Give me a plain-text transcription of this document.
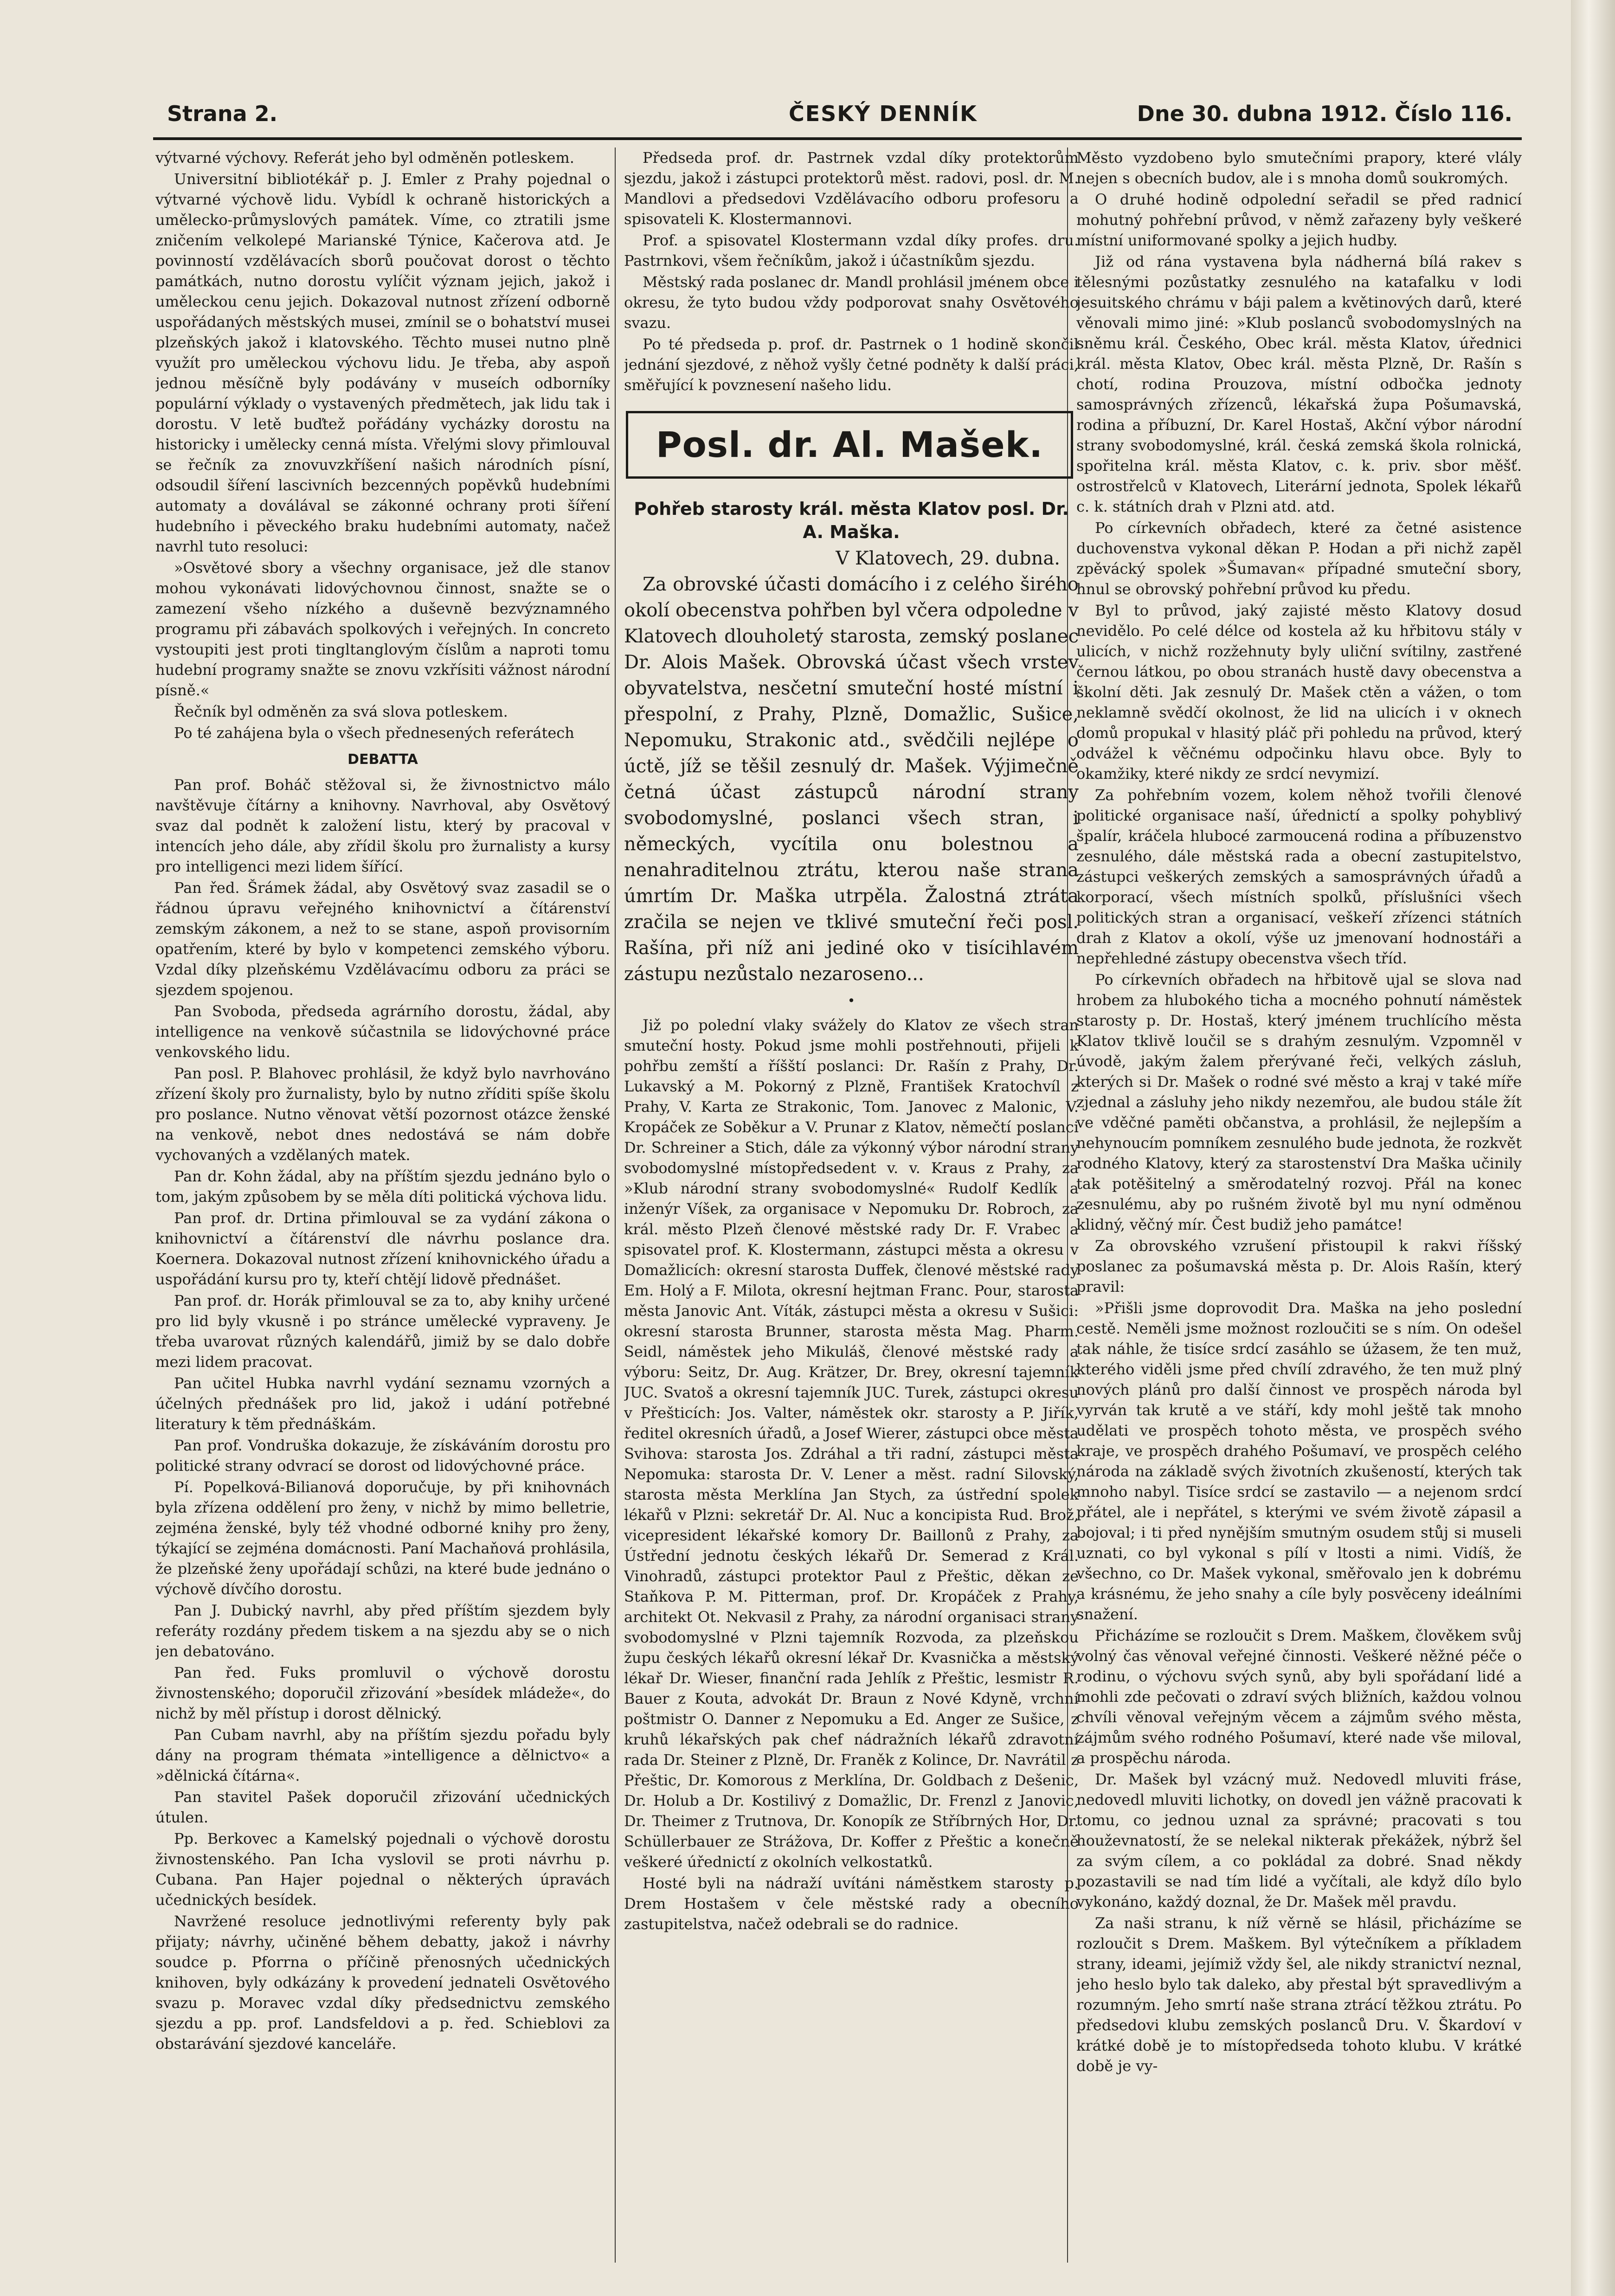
Strana 2.	ČESKÝ DENNÍK	Dne 30. dubna 1912. Číslo 116.

výtvarné výchovy. Referát jeho byl odměněn potleskem.

Universitní bibliotékář p. J. Emler z Prahy pojednal o výtvarné výchově lidu. Vybídl k ochraně historických a umělecko-průmyslových památek. Víme, co ztratili jsme zničením velkolepé Marianské Týnice, Kačerova atd. Je povinností vzdělávacích sborů poučovat dorost o těchto památkách, nutno dorostu vylíčit význam jejich, jakož i uměleckou cenu jejich. Dokazoval nutnost zřízení odborně uspořádaných městských musei, zmínil se o bohatství musei plzeňských jakož i klatovského. Těchto musei nutno plně využít pro uměleckou výchovu lidu. Je třeba, aby aspoň jednou měsíčně byly podávány v museích odborníky populární výklady o vystavených předmětech, jak lidu tak i dorostu. V letě buďtež pořádány vycházky dorostu na historicky i umělecky cenná místa. Vřelými slovy přimlouval se řečník za znovuvzkříšení našich národních písní, odsoudil šíření lascivních bezcenných popěvků hudebními automaty a doválával se zákonné ochrany proti šíření hudebního i pěveckého braku hudebními automaty, načež navrhl tuto resoluci:

»Osvětové sbory a všechny organisace, jež dle stanov mohou vykonávati lidovýchovnou činnost, snažte se o zamezení všeho nízkého a duševně bezvýznamného programu při zábavách spolkových i veřejných. In concreto vystoupiti jest proti tingltanglovým číslům a naproti tomu hudební programy snažte se znovu vzkřísiti vážnost národní písně.«

Řečník byl odměněn za svá slova potleskem.

Po té zahájena byla o všech přednesených referátech

DEBATTA

Pan prof. Boháč stěžoval si, že živnostnictvo málo navštěvuje čítárny a knihovny. Navrhoval, aby Osvětový svaz dal podnět k založení listu, který by pracoval v intencích jeho dále, aby zřídil školu pro žurnalisty a kursy pro intelligenci mezi lidem šířící.

Pan řed. Šrámek žádal, aby Osvětový svaz zasadil se o řádnou úpravu veřejného knihovnictví a čítárenství zemským zákonem, a než to se stane, aspoň provisorním opatřením, které by bylo v kompetenci zemského výboru. Vzdal díky plzeňskému Vzdělávacímu odboru za práci se sjezdem spojenou.

Pan Svoboda, předseda agrárního dorostu, žádal, aby intelligence na venkově súčastnila se lidovýchovné práce venkovského lidu.

Pan posl. P. Blahovec prohlásil, že když bylo navrhováno zřízení školy pro žurnalisty, bylo by nutno zříditi spíše školu pro poslance. Nutno věnovat větší pozornost otázce ženské na venkově, nebot dnes nedostává se nám dobře vychovaných a vzdělaných matek.

Pan dr. Kohn žádal, aby na příštím sjezdu jednáno bylo o tom, jakým způsobem by se měla díti politická výchova lidu.

Pan prof. dr. Drtina přimlouval se za vydání zákona o knihovnictví a čítárenství dle návrhu poslance dra. Koernera. Dokazoval nutnost zřízení knihovnického úřadu a uspořádání kursu pro ty, kteří chtějí lidově přednášet.

Pan prof. dr. Horák přimlouval se za to, aby knihy určené pro lid byly vkusně i po stránce umělecké vypraveny. Je třeba uvarovat různých kalendářů, jimiž by se dalo dobře mezi lidem pracovat.

Pan učitel Hubka navrhl vydání seznamu vzorných a účelných přednášek pro lid, jakož i udání potřebné literatury k těm přednáškám.

Pan prof. Vondruška dokazuje, že získáváním dorostu pro politické strany odvrací se dorost od lidovýchovné práce.

Pí. Popelková-Bilianová doporučuje, by při knihovnách byla zřízena oddělení pro ženy, v nichž by mimo belletrie, zejména ženské, byly též vhodné odborné knihy pro ženy, týkající se zejména domácnosti. Paní Machaňová prohlásila, že plzeňské ženy upořádají schůzi, na které bude jednáno o výchově dívčího dorostu.

Pan J. Dubický navrhl, aby před příštím sjezdem byly referáty rozdány předem tiskem a na sjezdu aby se o nich jen debatováno.

Pan řed. Fuks promluvil o výchově dorostu živnostenského; doporučil zřizování »besídek mládeže«, do nichž by měl přístup i dorost dělnický.

Pan Cubam navrhl, aby na příštím sjezdu pořadu byly dány na program thémata »intelligence a dělnictvo« a »dělnická čítárna«.

Pan stavitel Pašek doporučil zřizování učednických útulen.

Pp. Berkovec a Kamelský pojednali o výchově dorostu živnostenského. Pan Icha vyslovil se proti návrhu p. Cubana. Pan Hajer pojednal o některých úpravách učednických besídek.

Navržené resoluce jednotlivými referenty byly pak přijaty; návrhy, učiněné během debatty, jakož i návrhy soudce p. Pforrna o příčině přenosných učednických knihoven, byly odkázány k provedení jednateli Osvětového svazu p. Moravec vzdal díky předsednictvu zemského sjezdu a pp. prof. Landsfeldovi a p. řed. Schieblovi za obstarávání sjezdové kanceláře.

Předseda prof. dr. Pastrnek vzdal díky protektorům sjezdu, jakož i zástupci protektorů měst. radovi, posl. dr. M. Mandlovi a předsedovi Vzdělávacího odboru profesoru a spisovateli K. Klostermannovi.

Prof. a spisovatel Klostermann vzdal díky profes. dru. Pastrnkovi, všem řečníkům, jakož i účastníkům sjezdu.

Městský rada poslanec dr. Mandl prohlásil jménem obce i okresu, že tyto budou vždy podporovat snahy Osvětového svazu.

Po té předseda p. prof. dr. Pastrnek o 1 hodině skončil jednání sjezdové, z něhož vyšly četné podněty k další práci, směřující k povznesení našeho lidu.

Posl. dr. Al. Mašek.
Pohřeb starosty král. města Klatov posl. Dr. A. Maška.
V Klatovech, 29. dubna.

Za obrovské účasti domácího i z celého širého okolí obecenstva pohřben byl včera odpoledne v Klatovech dlouholetý starosta, zemský poslanec Dr. Alois Mašek. Obrovská účast všech vrstev obyvatelstva, nesčetní smuteční hosté místní i přespolní, z Prahy, Plzně, Domažlic, Sušice, Nepomuku, Strakonic atd., svědčili nejlépe o úctě, jíž se těšil zesnulý dr. Mašek. Výjimečně četná účast zástupců národní strany svobodomyslné, poslanci všech stran, i německých, vycítila onu bolestnou a nenahraditelnou ztrátu, kterou naše strana úmrtím Dr. Maška utrpěla. Žalostná ztráta zračila se nejen ve tklivé smuteční řeči posl. Rašína, při níž ani jediné oko v tisícihlavém zástupu nezůstalo nezaroseno...

•

Již po polední vlaky svážely do Klatov ze všech stran smuteční hosty. Pokud jsme mohli postřehnouti, přijeli k pohřbu zemští a říšští poslanci: Dr. Rašín z Prahy, Dr. Lukavský a M. Pokorný z Plzně, František Kratochvíl z Prahy, V. Karta ze Strakonic, Tom. Janovec z Malonic, V. Kropáček ze Soběkur a V. Prunar z Klatov, němečtí poslanci Dr. Schreiner a Stich, dále za výkonný výbor národní strany svobodomyslné místopředsedent v. v. Kraus z Prahy, za »Klub národní strany svobodomyslné« Rudolf Kedlík a inženýr Víšek, za organisace v Nepomuku Dr. Robroch, za král. město Plzeň členové městské rady Dr. F. Vrabec a spisovatel prof. K. Klostermann, zástupci města a okresu v Domažlicích: okresní starosta Duffek, členové městské rady Em. Holý a F. Milota, okresní hejtman Franc. Pour, starosta města Janovic Ant. Víták, zástupci města a okresu v Sušici: okresní starosta Brunner, starosta města Mag. Pharm. Seidl, náměstek jeho Mikuláš, členové městské rady a výboru: Seitz, Dr. Aug. Krätzer, Dr. Brey, okresní tajemník JUC. Svatoš a okresní tajemník JUC. Turek, zástupci okresu v Přešticích: Jos. Valter, náměstek okr. starosty a P. Jiřík, ředitel okresních úřadů, a Josef Wierer, zástupci obce města Svihova: starosta Jos. Zdráhal a tři radní, zástupci města Nepomuka: starosta Dr. V. Lener a měst. radní Silovský, starosta města Merklína Jan Stych, za ústřední spolek lékařů v Plzni: sekretář Dr. Al. Nuc a koncipista Rud. Brož, vicepresident lékařské komory Dr. Baillonů z Prahy, za Ústřední jednotu českých lékařů Dr. Semerad z Král. Vinohradů, zástupci protektor Paul z Přeštic, děkan ze Staňkova P. M. Pitterman, prof. Dr. Kropáček z Prahy, architekt Ot. Nekvasil z Prahy, za národní organisaci strany svobodomyslné v Plzni tajemník Rozvoda, za plzeňskou župu českých lékařů okresní lékař Dr. Kvasnička a městský lékař Dr. Wieser, finanční rada Jehlík z Přeštic, lesmistr R. Bauer z Kouta, advokát Dr. Braun z Nové Kdyně, vrchní poštmistr O. Danner z Nepomuku a Ed. Anger ze Sušice, z kruhů lékařských pak chef nádražních lékařů zdravotní rada Dr. Steiner z Plzně, Dr. Franěk z Kolince, Dr. Navrátil z Přeštic, Dr. Komorous z Merklína, Dr. Goldbach z Dešenic, Dr. Holub a Dr. Kostilivý z Domažlic, Dr. Frenzl z Janovic, Dr. Theimer z Trutnova, Dr. Konopík ze Stříbrných Hor, Dr. Schüllerbauer ze Strážova, Dr. Koffer z Přeštic a konečně veškeré úřednictí z okolních velkostatků.

Hosté byli na nádraží uvítáni náměstkem starosty p. Drem Hostašem v čele městské rady a obecního zastupitelstva, načež odebrali se do radnice.

Město vyzdobeno bylo smutečními prapory, které vlály nejen s obecních budov, ale i s mnoha domů soukromých.

O druhé hodině odpolední seřadil se před radnicí mohutný pohřební průvod, v němž zařazeny byly veškeré místní uniformované spolky a jejich hudby.

Již od rána vystavena byla nádherná bílá rakev s tělesnými pozůstatky zesnulého na katafalku v lodi jesuitského chrámu v báji palem a květinových darů, které věnovali mimo jiné: »Klub poslanců svobodomyslných na sněmu král. Českého, Obec král. města Klatov, úřednici král. města Klatov, Obec král. města Plzně, Dr. Rašín s chotí, rodina Prouzova, místní odbočka jednoty samosprávných zřízenců, lékařská župa Pošumavská, rodina a příbuzní, Dr. Karel Hostaš, Akční výbor národní strany svobodomyslné, král. česká zemská škola rolnická, spořitelna král. města Klatov, c. k. priv. sbor měšť. ostrostřelců v Klatovech, Literární jednota, Spolek lékařů c. k. státních drah v Plzni atd. atd.

Po církevních obřadech, které za četné asistence duchovenstva vykonal děkan P. Hodan a při nichž zapěl zpěvácký spolek »Šumavan« případné smuteční sbory, hnul se obrovský pohřební průvod ku předu.

Byl to průvod, jaký zajisté město Klatovy dosud nevidělo. Po celé délce od kostela až ku hřbitovu stály v ulicích, v nichž rozžehnuty byly uliční svítilny, zastřené černou látkou, po obou stranách hustě davy obecenstva a školní děti. Jak zesnulý Dr. Mašek ctěn a vážen, o tom neklamně svědčí okolnost, že lid na ulicích i v oknech domů propukal v hlasitý pláč při pohledu na průvod, který odvážel k věčnému odpočinku hlavu obce. Byly to okamžiky, které nikdy ze srdcí nevymizí.

Za pohřebním vozem, kolem něhož tvořili členové politické organisace naší, úřednictí a spolky pohyblivý špalír, kráčela hlubocé zarmoucená rodina a příbuzenstvo zesnulého, dále městská rada a obecní zastupitelstvo, zástupci veškerých zemských a samosprávných úřadů a korporací, všech místních spolků, příslušníci všech politických stran a organisací, veškeří zřízenci státních drah z Klatov a okolí, výše uz jmenovaní hodnostáři a nepřehledné zástupy obecenstva všech tříd.

Po církevních obřadech na hřbitově ujal se slova nad hrobem za hlubokého ticha a mocného pohnutí náměstek starosty p. Dr. Hostaš, který jménem truchlícího města Klatov tklivě loučil se s drahým zesnulým. Vzpomněl v úvodě, jakým žalem přerývané řeči, velkých zásluh, kterých si Dr. Mašek o rodné své město a kraj v také míře zjednal a zásluhy jeho nikdy nezemřou, ale budou stále žít ve vděčné paměti občanstva, a prohlásil, že nejlepším a nehynoucím pomníkem zesnulého bude jednota, že rozkvět rodného Klatovy, který za starostenství Dra Maška učinily tak potěšitelný a směrodatelný rozvoj. Přál na konec zesnulému, aby po rušném životě byl mu nyní odměnou klidný, věčný mír. Čest budiž jeho památce!

Za obrovského vzrušení přistoupil k rakvi říšský poslanec za pošumavská města p. Dr. Alois Rašín, který pravil:

»Přišli jsme doprovodit Dra. Maška na jeho poslední cestě. Neměli jsme možnost rozloučiti se s ním. On odešel tak náhle, že tisíce srdcí zasáhlo se úžasem, že ten muž, kterého viděli jsme před chvílí zdravého, že ten muž plný nových plánů pro další činnost ve prospěch národa byl vyrván tak krutě a ve stáří, kdy mohl ještě tak mnoho udělati ve prospěch tohoto města, ve prospěch svého kraje, ve prospěch drahého Pošumaví, ve prospěch celého národa na základě svých životních zkušeností, kterých tak mnoho nabyl. Tisíce srdcí se zastavilo — a nejenom srdcí přátel, ale i nepřátel, s kterými ve svém životě zápasil a bojoval; i ti před nynějším smutným osudem stůj si museli uznati, co byl vykonal s pílí v ltosti a nimi. Vidíš, že všechno, co Dr. Mašek vykonal, směřovalo jen k dobrému a krásnému, že jeho snahy a cíle byly posvěceny ideálními snažení.

Přicházíme se rozloučit s Drem. Maškem, člověkem svůj volný čas věnoval veřejné činnosti. Veškeré něžné péče o rodinu, o výchovu svých synů, aby byli spořádaní lidé a mohli zde pečovati o zdraví svých bližních, každou volnou chvíli věnoval veřejným věcem a zájmům svého města, zájmům svého rodného Pošumaví, které nade vše miloval, a prospěchu národa.

Dr. Mašek byl vzácný muž. Nedovedl mluviti fráse, nedovedl mluviti lichotky, on dovedl jen vážně pracovati k tomu, co jednou uznal za správné; pracovati s tou houževnatostí, že se nelekal nikterak překážek, nýbrž šel za svým cílem, a co pokládal za dobré. Snad někdy pozastavili se nad tím lidé a vyčítali, ale když dílo bylo vykonáno, každý doznal, že Dr. Mašek měl pravdu.

Za naši stranu, k níž věrně se hlásil, přicházíme se rozloučit s Drem. Maškem. Byl výtečníkem a příkladem strany, ideami, jejímiž vždy šel, ale nikdy stranictví neznal, jeho heslo bylo tak daleko, aby přestal být spravedlivým a rozumným. Jeho smrtí naše strana ztrácí těžkou ztrátu. Po předsedovi klubu zemských poslanců Dru. V. Škardoví v krátké době je to místopředseda tohoto klubu. V krátké době je vy-
